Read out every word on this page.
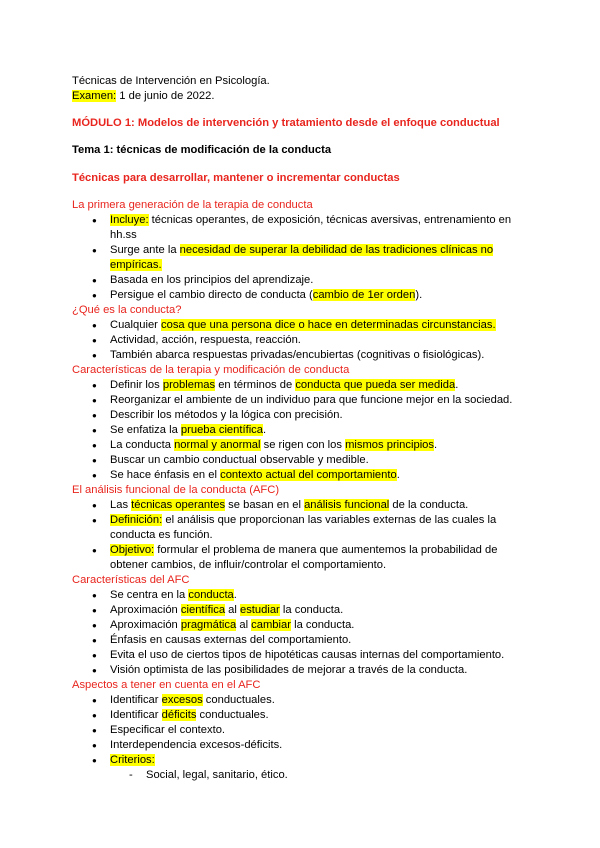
Técnicas de Intervención en Psicología.

Examen: 1 de junio de 2022.

MÓDULO 1: Modelos de intervención y tratamiento desde el enfoque conductual

Tema 1: técnicas de modificación de la conducta

Técnicas para desarrollar, mantener o incrementar conductas

La primera generación de la terapia de conducta

● Incluye: técnicas operantes, de exposición, técnicas aversivas, entrenamiento en hh.ss
● Surge ante la necesidad de superar la debilidad de las tradiciones clínicas no empíricas.
● Basada en los principios del aprendizaje.
● Persigue el cambio directo de conducta (cambio de 1er orden).

¿Qué es la conducta?

● Cualquier cosa que una persona dice o hace en determinadas circunstancias.
● Actividad, acción, respuesta, reacción.
● También abarca respuestas privadas/encubiertas (cognitivas o fisiológicas).

Características de la terapia y modificación de conducta

● Definir los problemas en términos de conducta que pueda ser medida.
● Reorganizar el ambiente de un individuo para que funcione mejor en la sociedad.
● Describir los métodos y la lógica con precisión.
● Se enfatiza la prueba científica.
● La conducta normal y anormal se rigen con los mismos principios.
● Buscar un cambio conductual observable y medible.
● Se hace énfasis en el contexto actual del comportamiento.

El análisis funcional de la conducta (AFC)

● Las técnicas operantes se basan en el análisis funcional de la conducta.
● Definición: el análisis que proporcionan las variables externas de las cuales la conducta es función.
● Objetivo: formular el problema de manera que aumentemos la probabilidad de obtener cambios, de influir/controlar el comportamiento.

Características del AFC

● Se centra en la conducta.
● Aproximación científica al estudiar la conducta.
● Aproximación pragmática al cambiar la conducta.
● Énfasis en causas externas del comportamiento.
● Evita el uso de ciertos tipos de hipotéticas causas internas del comportamiento.
● Visión optimista de las posibilidades de mejorar a través de la conducta.

Aspectos a tener en cuenta en el AFC

● Identificar excesos conductuales.
● Identificar déficits conductuales.
● Especificar el contexto.
● Interdependencia excesos-déficits.
● Criterios:
- Social, legal, sanitario, ético.
